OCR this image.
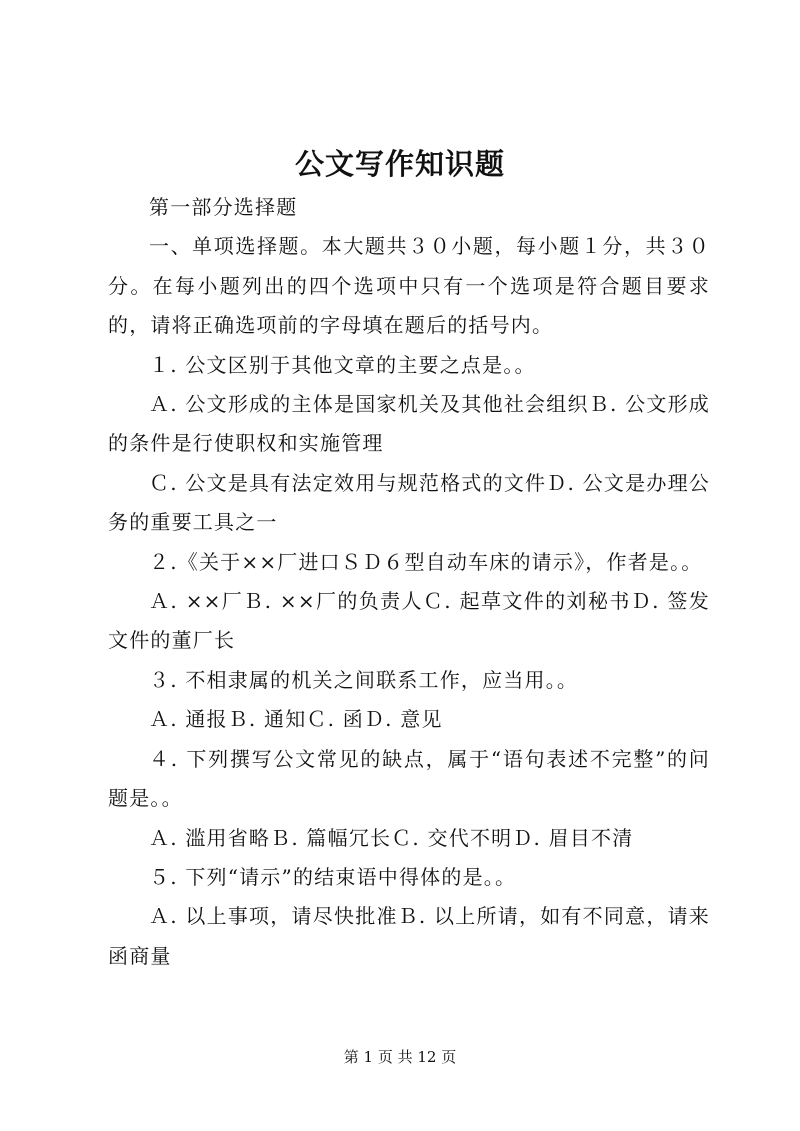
公文写作知识题

第一部分选择题

一、单项选择题。本大题共３０小题，每小题１分，共３０分。在每小题列出的四个选项中只有一个选项是符合题目要求的，请将正确选项前的字母填在题后的括号内。

１. 公文区别于其他文章的主要之点是。。

Ａ. 公文形成的主体是国家机关及其他社会组织Ｂ. 公文形成的条件是行使职权和实施管理

Ｃ. 公文是具有法定效用与规范格式的文件Ｄ. 公文是办理公务的重要工具之一

２.《关于××厂进口ＳＤ６型自动车床的请示》，作者是。。

Ａ. ××厂Ｂ. ××厂的负责人Ｃ. 起草文件的刘秘书Ｄ. 签发文件的董厂长

３. 不相隶属的机关之间联系工作，应当用。。

Ａ. 通报Ｂ. 通知Ｃ. 函Ｄ. 意见

４. 下列撰写公文常见的缺点，属于“语句表述不完整”的问题是。。

Ａ. 滥用省略Ｂ. 篇幅冗长Ｃ. 交代不明Ｄ. 眉目不清

５. 下列“请示”的结束语中得体的是。。

Ａ. 以上事项，请尽快批准Ｂ. 以上所请，如有不同意，请来函商量

第 1 页 共 12 页
